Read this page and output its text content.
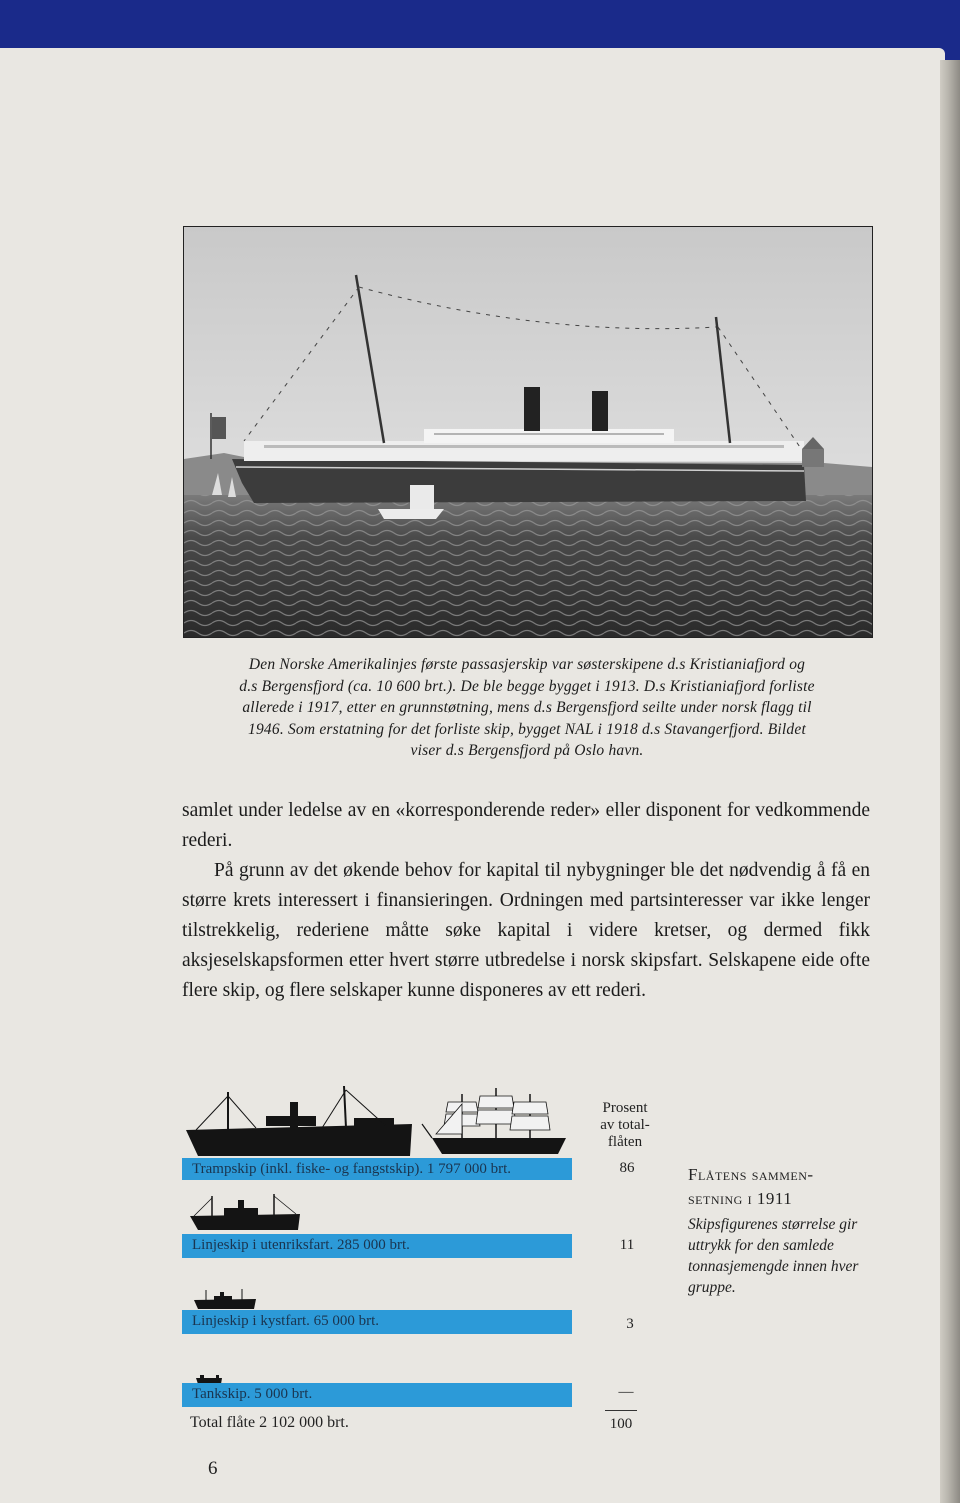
Den Norske Amerikalinjes første passasjerskip var søsterskipene d.s Kristianiafjord og
d.s Bergensfjord (ca. 10 600 brt.). De ble begge bygget i 1913. D.s Kristianiafjord forliste
allerede i 1917, etter en grunnstøtning, mens d.s Bergensfjord seilte under norsk flagg til
1946. Som erstatning for det forliste skip, bygget NAL i 1918 d.s Stavangerfjord. Bildet
viser d.s Bergensfjord på Oslo havn.

samlet under ledelse av en «korresponderende reder» eller disponent for vedkommende rederi.

På grunn av det økende behov for kapital til nybygninger ble det nødvendig å få en større krets interessert i finansieringen. Ordningen med partsinteresser var ikke lenger tilstrekkelig, rederiene måtte søke kapital i videre kretser, og dermed fikk aksjeselskapsformen etter hvert større utbredelse i norsk skipsfart. Selskapene eide ofte flere skip, og flere selskaper kunne disponeres av ett rederi.

Prosent
av total-
flåten
Trampskip (inkl. fiske- og fangstskip). 1 797 000 brt.	86
Linjeskip i utenriksfart. 285 000 brt.	11
Linjeskip i kystfart. 65 000 brt.	3
Tankskip. 5 000 brt.	—
Total flåte 2 102 000 brt.	100
Flåtens sammen-
setning i 1911
Skipsfigurenes størrelse gir uttrykk for den samlede tonnasjemengde innen hver gruppe.
6
